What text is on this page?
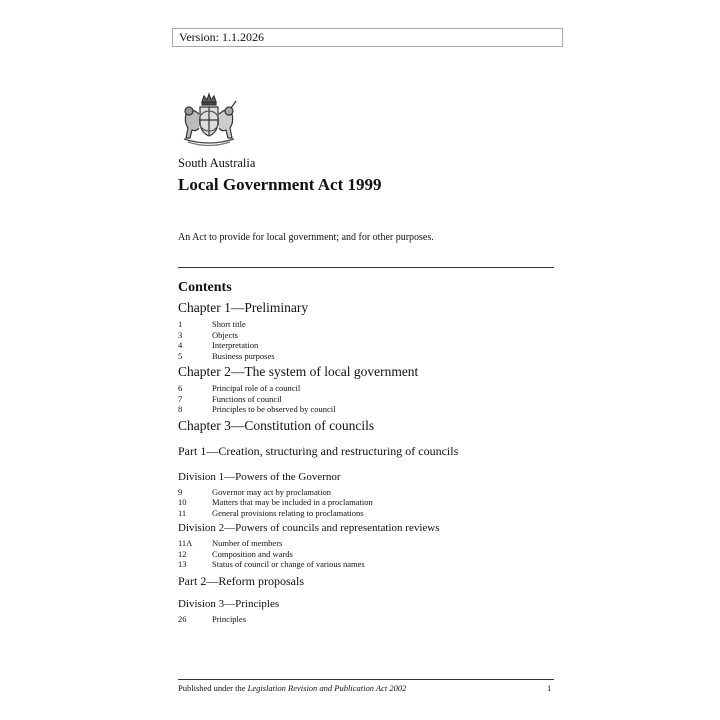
Version: 1.1.2026
South Australia
Local Government Act 1999
An Act to provide for local government; and for other purposes.
Contents
Chapter 1—Preliminary
1	Short title
3	Objects
4	Interpretation
5	Business purposes
Chapter 2—The system of local government
6	Principal role of a council
7	Functions of council
8	Principles to be observed by council
Chapter 3—Constitution of councils
Part 1—Creation, structuring and restructuring of councils
Division 1—Powers of the Governor
9	Governor may act by proclamation
10	Matters that may be included in a proclamation
11	General provisions relating to proclamations
Division 2—Powers of councils and representation reviews
11A Number of members
12	Composition and wards
13	Status of council or change of various names
Part 2—Reform proposals
Division 3—Principles
26	Principles
Published under the Legislation Revision and Publication Act 2002	1
